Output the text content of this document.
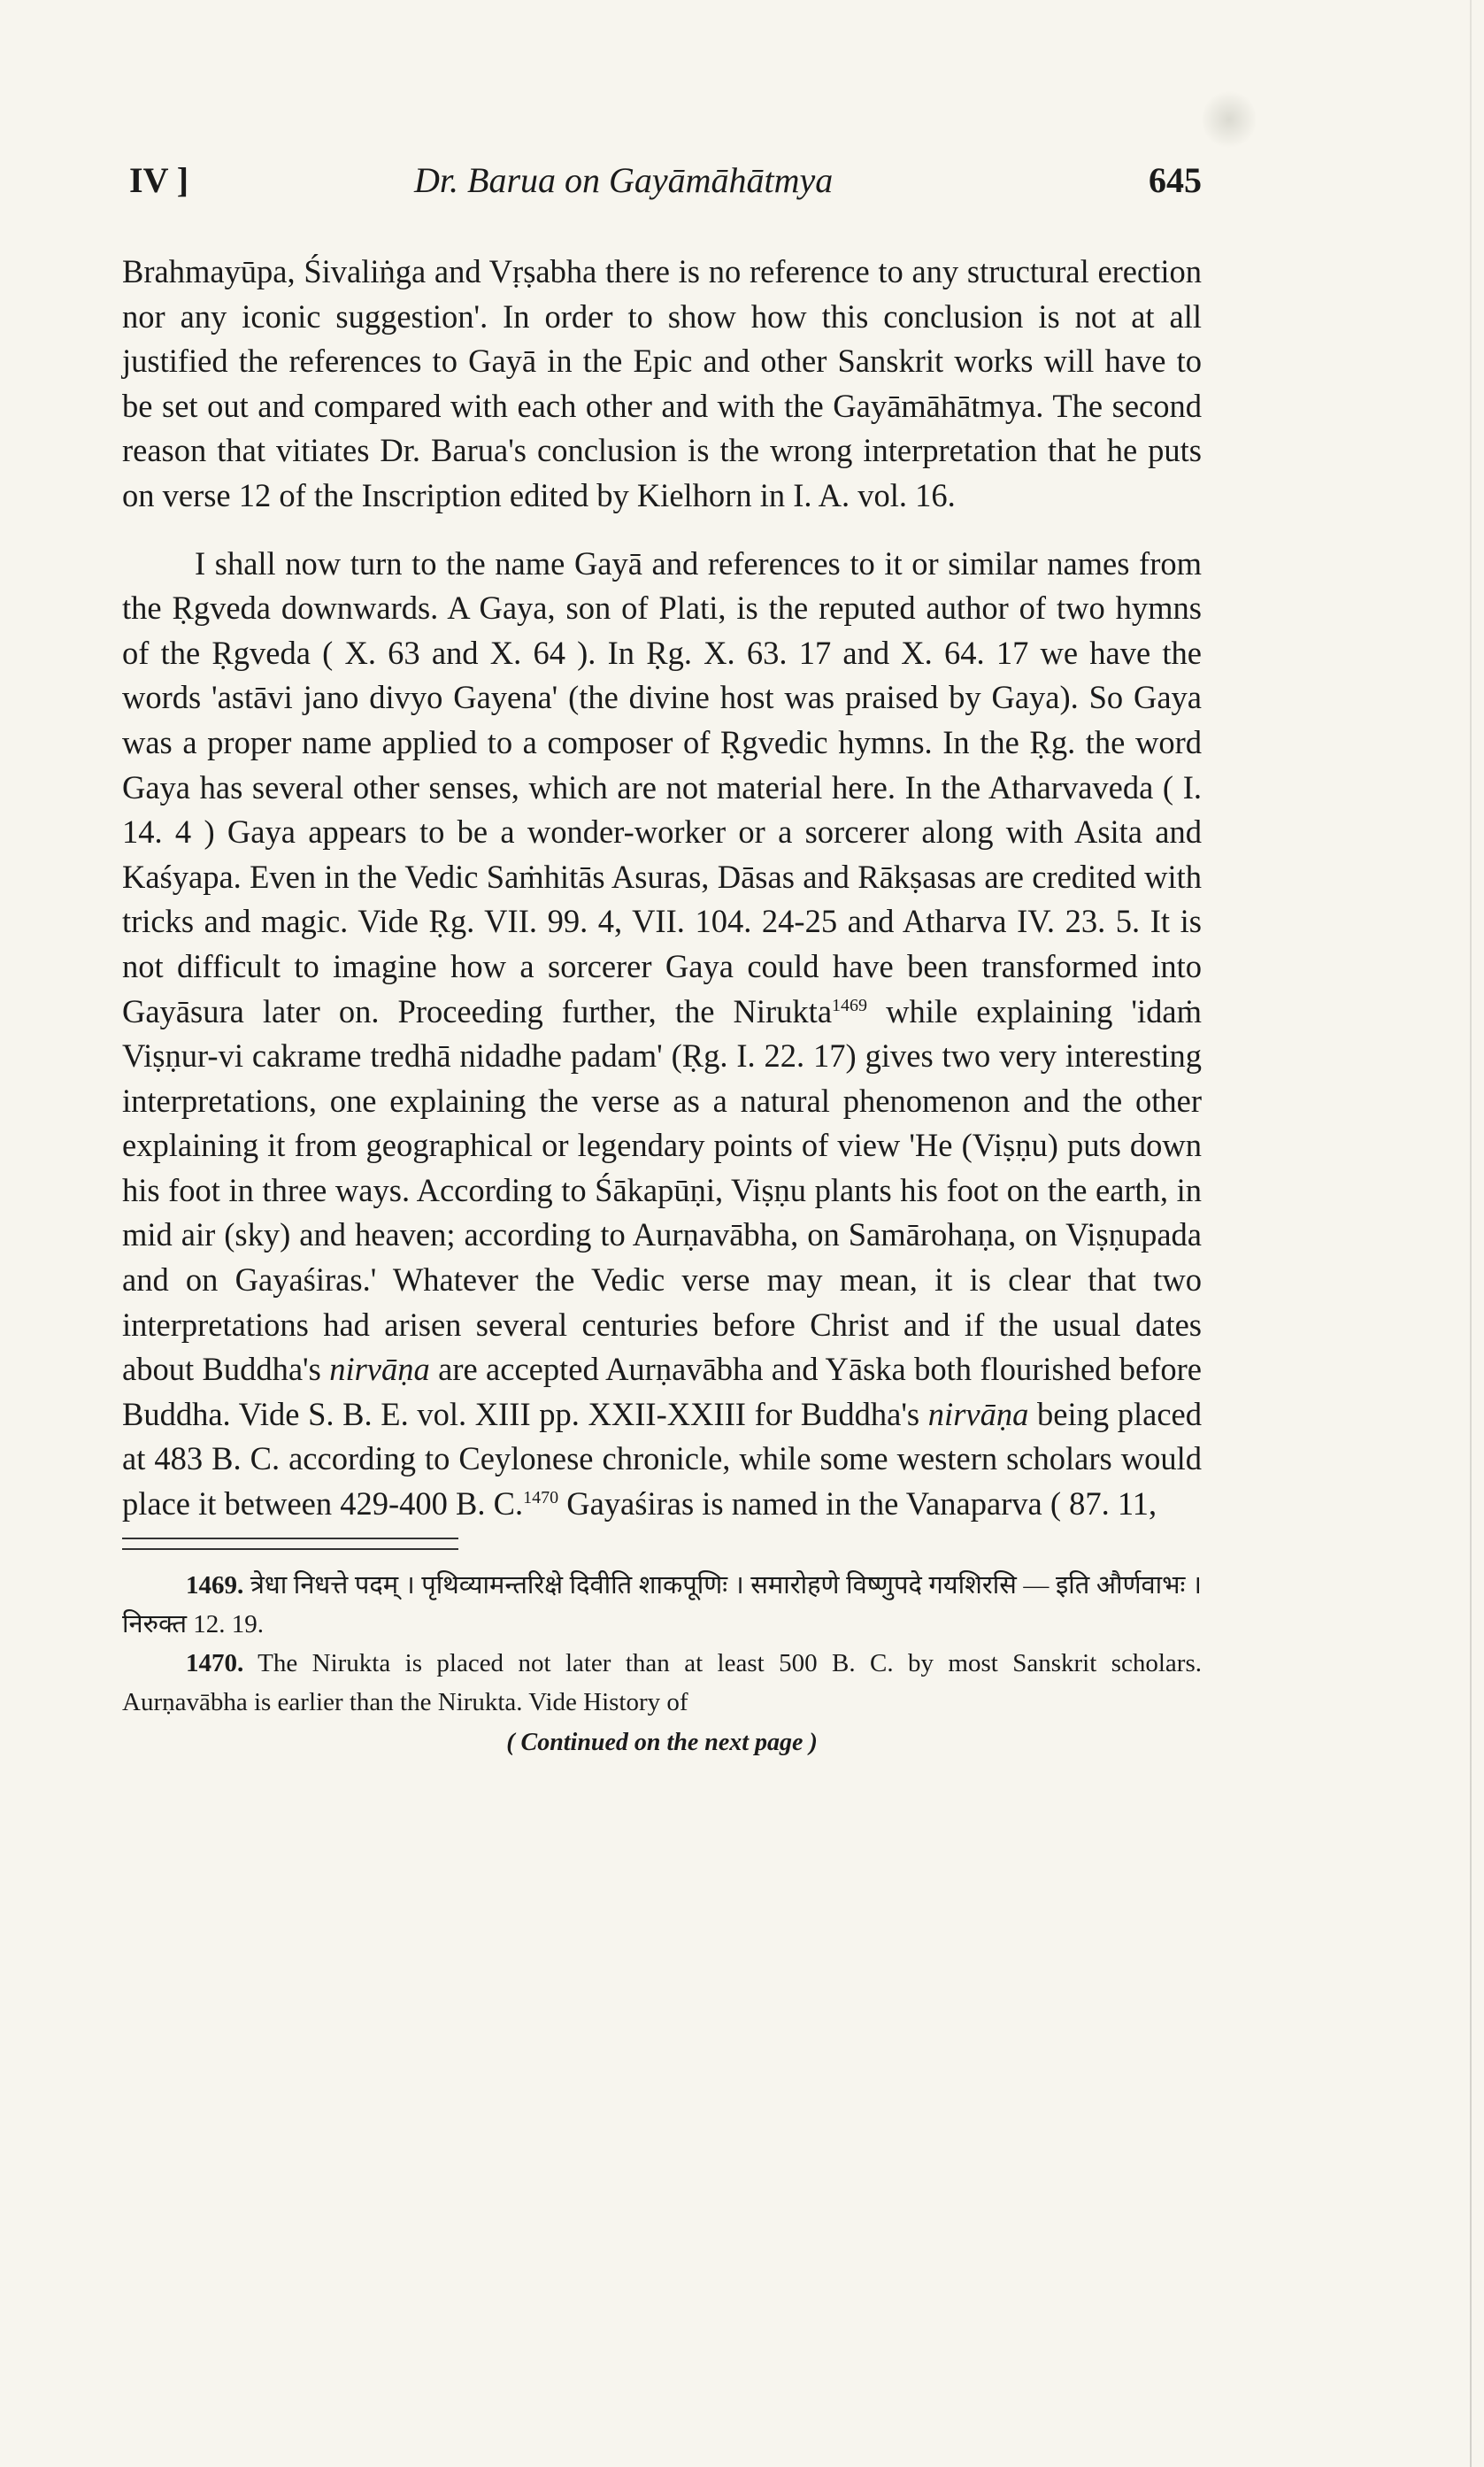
IV ]	Dr. Barua on Gayāmāhātmya	645

Brahmayūpa, Śivaliṅga and Vṛṣabha there is no reference to any structural erection nor any iconic suggestion'. In order to show how this conclusion is not at all justified the references to Gayā in the Epic and other Sanskrit works will have to be set out and compared with each other and with the Gayāmāhātmya. The second reason that vitiates Dr. Barua's conclusion is the wrong interpretation that he puts on verse 12 of the Inscription edited by Kielhorn in I. A. vol. 16.

I shall now turn to the name Gayā and references to it or similar names from the Ṛgveda downwards. A Gaya, son of Plati, is the reputed author of two hymns of the Ṛgveda ( X. 63 and X. 64 ). In Ṛg. X. 63. 17 and X. 64. 17 we have the words 'astāvi jano divyo Gayena' (the divine host was praised by Gaya). So Gaya was a proper name applied to a composer of Ṛgvedic hymns. In the Ṛg. the word Gaya has several other senses, which are not material here. In the Atharvaveda ( I. 14. 4 ) Gaya appears to be a wonder-worker or a sorcerer along with Asita and Kaśyapa. Even in the Vedic Saṁhitās Asuras, Dāsas and Rākṣasas are credited with tricks and magic. Vide Ṛg. VII. 99. 4, VII. 104. 24-25 and Atharva IV. 23. 5. It is not difficult to imagine how a sorcerer Gaya could have been transformed into Gayāsura later on. Proceeding further, the Nirukta$^{1469}$ while explaining 'idaṁ Viṣṇur-vi cakrame tredhā nidadhe padam' (Ṛg. I. 22. 17) gives two very interesting interpretations, one explaining the verse as a natural phenomenon and the other explaining it from geographical or legendary points of view 'He (Viṣṇu) puts down his foot in three ways. According to Śākapūṇi, Viṣṇu plants his foot on the earth, in mid air (sky) and heaven; according to Aurṇavābha, on Samārohaṇa, on Viṣṇupada and on Gayaśiras.' Whatever the Vedic verse may mean, it is clear that two interpretations had arisen several centuries before Christ and if the usual dates about Buddha's nirvāṇa are accepted Aurṇavābha and Yāska both flourished before Buddha. Vide S. B. E. vol. XIII pp. XXII-XXIII for Buddha's nirvāṇa being placed at 483 B. C. according to Ceylonese chronicle, while some western scholars would place it between 429-400 B. C.$^{1470}$ Gayaśiras is named in the Vanaparva ( 87. 11,

1469. त्रेधा निधत्ते पदम् । पृथिव्यामन्तरिक्षे दिवीति शाकपूणिः । समारोहणे विष्णुपदे गयशिरसि — इति और्णवाभः । निरुक्त 12. 19.

1470. The Nirukta is placed not later than at least 500 B. C. by most Sanskrit scholars. Aurṇavābha is earlier than the Nirukta. Vide History of

( Continued on the next page )
